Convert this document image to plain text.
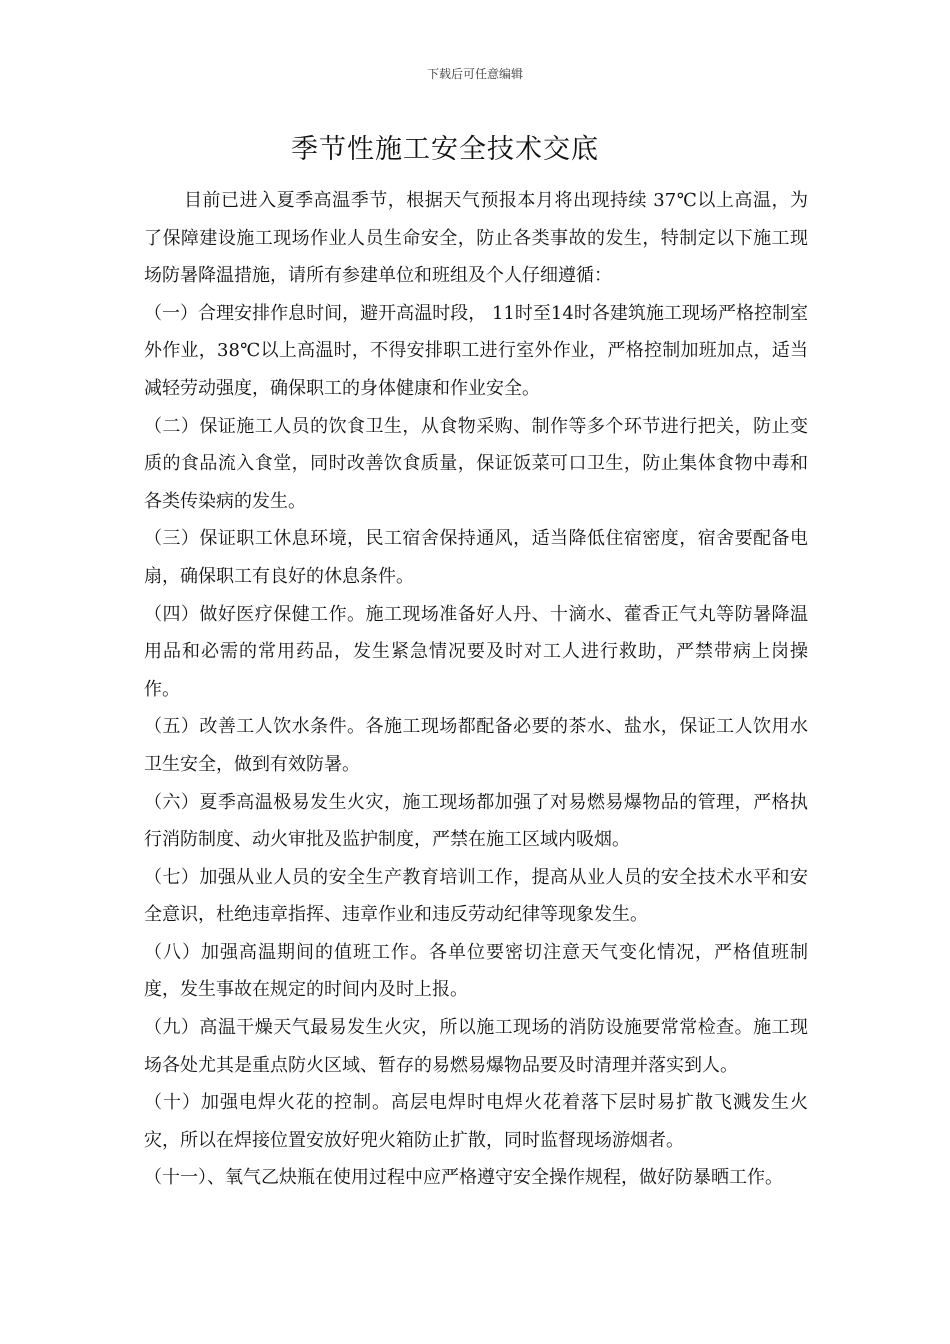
下载后可任意编辑
季节性施工安全技术交底

目前已进入夏季高温季节，根据天气预报本月将出现持续 37℃以上高温，为了保障建设施工现场作业人员生命安全，防止各类事故的发生，特制定以下施工现场防暑降温措施，请所有参建单位和班组及个人仔细遵循：

（一）合理安排作息时间，避开高温时段， 11时至14时各建筑施工现场严格控制室外作业，38℃以上高温时，不得安排职工进行室外作业，严格控制加班加点，适当减轻劳动强度，确保职工的身体健康和作业安全。

（二）保证施工人员的饮食卫生，从食物采购、制作等多个环节进行把关，防止变质的食品流入食堂，同时改善饮食质量，保证饭菜可口卫生，防止集体食物中毒和各类传染病的发生。

（三）保证职工休息环境，民工宿舍保持通风，适当降低住宿密度，宿舍要配备电扇，确保职工有良好的休息条件。

（四）做好医疗保健工作。施工现场准备好人丹、十滴水、藿香正气丸等防暑降温用品和必需的常用药品，发生紧急情况要及时对工人进行救助，严禁带病上岗操作。

（五）改善工人饮水条件。各施工现场都配备必要的茶水、盐水，保证工人饮用水卫生安全，做到有效防暑。

（六）夏季高温极易发生火灾，施工现场都加强了对易燃易爆物品的管理，严格执行消防制度、动火审批及监护制度，严禁在施工区域内吸烟。

（七）加强从业人员的安全生产教育培训工作，提高从业人员的安全技术水平和安全意识，杜绝违章指挥、违章作业和违反劳动纪律等现象发生。

（八）加强高温期间的值班工作。各单位要密切注意天气变化情况，严格值班制度，发生事故在规定的时间内及时上报。

（九）高温干燥天气最易发生火灾，所以施工现场的消防设施要常常检查。施工现场各处尤其是重点防火区域、暂存的易燃易爆物品要及时清理并落实到人。

（十）加强电焊火花的控制。高层电焊时电焊火花着落下层时易扩散飞溅发生火灾，所以在焊接位置安放好兜火箱防止扩散，同时监督现场游烟者。

（十一）、氧气乙炔瓶在使用过程中应严格遵守安全操作规程，做好防暴晒工作。
